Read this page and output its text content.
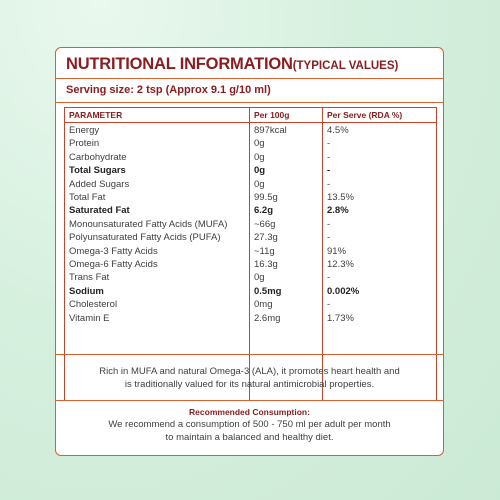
NUTRITIONAL INFORMATION(TYPICAL VALUES)
Serving size: 2 tsp (Approx 9.1 g/10 ml)
PARAMETER	Per 100g	Per Serve (RDA %)
Energy	897kcal	4.5%
Protein	0g	-
Carbohydrate	0g	-
Total Sugars	0g	-
Added Sugars	0g	-
Total Fat	99.5g	13.5%
Saturated Fat	6.2g	2.8%
Monounsaturated Fatty Acids (MUFA)	~66g	-
Polyunsaturated Fatty Acids (PUFA)	27.3g	-
Omega-3 Fatty Acids	~11g	91%
Omega-6 Fatty Acids	16.3g	12.3%
Trans Fat	0g	-
Sodium	0.5mg	0.002%
Cholesterol	0mg	-
Vitamin E	2.6mg	1.73%
Rich in MUFA and natural Omega-3 (ALA), it promotes heart health and
is traditionally valued for its natural antimicrobial properties.
Recommended Consumption:
We recommend a consumption of 500 - 750 ml per adult per month
to maintain a balanced and healthy diet.
